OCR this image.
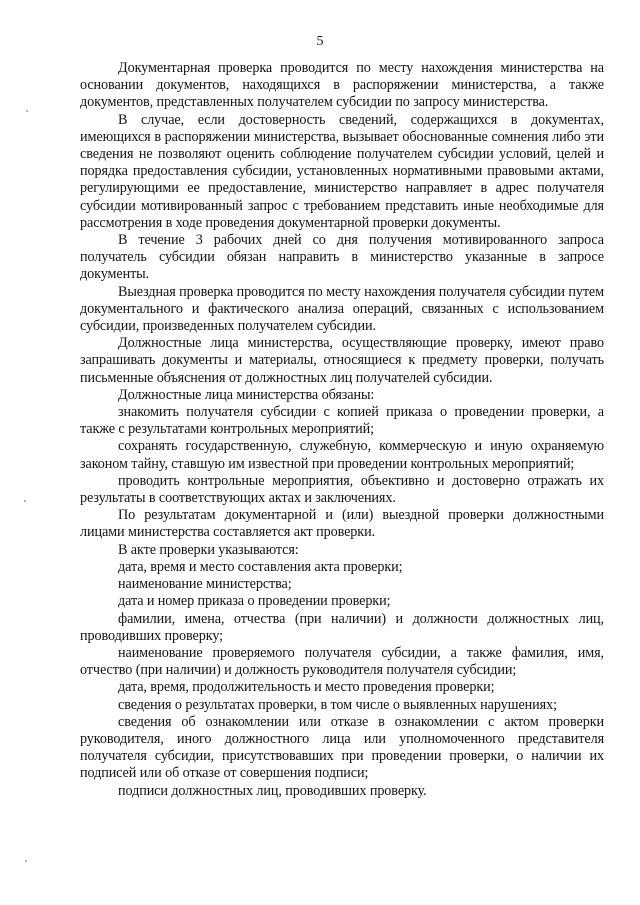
5

Документарная проверка проводится по месту нахождения министерства на основании документов, находящихся в распоряжении министерства, а также документов, представленных получателем субсидии по запросу министерства.

В случае, если достоверность сведений, содержащихся в документах, имеющихся в распоряжении министерства, вызывает обоснованные сомнения либо эти сведения не позволяют оценить соблюдение получателем субсидии условий, целей и порядка предоставления субсидии, установленных нормативными правовыми актами, регулирующими ее предоставление, министерство направляет в адрес получателя субсидии мотивированный запрос с требованием представить иные необходимые для рассмотрения в ходе проведения документарной проверки документы.

В течение 3 рабочих дней со дня получения мотивированного запроса получатель субсидии обязан направить в министерство указанные в запросе документы.

Выездная проверка проводится по месту нахождения получателя субсидии путем документального и фактического анализа операций, связанных с использованием субсидии, произведенных получателем субсидии.

Должностные лица министерства, осуществляющие проверку, имеют право запрашивать документы и материалы, относящиеся к предмету проверки, получать письменные объяснения от должностных лиц получателей субсидии.

Должностные лица министерства обязаны:

знакомить получателя субсидии с копией приказа о проведении проверки, а также с результатами контрольных мероприятий;

сохранять государственную, служебную, коммерческую и иную охраняемую законом тайну, ставшую им известной при проведении контрольных мероприятий;

проводить контрольные мероприятия, объективно и достоверно отражать их результаты в соответствующих актах и заключениях.

По результатам документарной и (или) выездной проверки должностными лицами министерства составляется акт проверки.

В акте проверки указываются:

дата, время и место составления акта проверки;

наименование министерства;

дата и номер приказа о проведении проверки;

фамилии, имена, отчества (при наличии) и должности должностных лиц, проводивших проверку;

наименование проверяемого получателя субсидии, а также фамилия, имя, отчество (при наличии) и должность руководителя получателя субсидии;

дата, время, продолжительность и место проведения проверки;

сведения о результатах проверки, в том числе о выявленных нарушениях;

сведения об ознакомлении или отказе в ознакомлении с актом проверки руководителя, иного должностного лица или уполномоченного представителя получателя субсидии, присутствовавших при проведении проверки, о наличии их подписей или об отказе от совершения подписи;

подписи должностных лиц, проводивших проверку.
